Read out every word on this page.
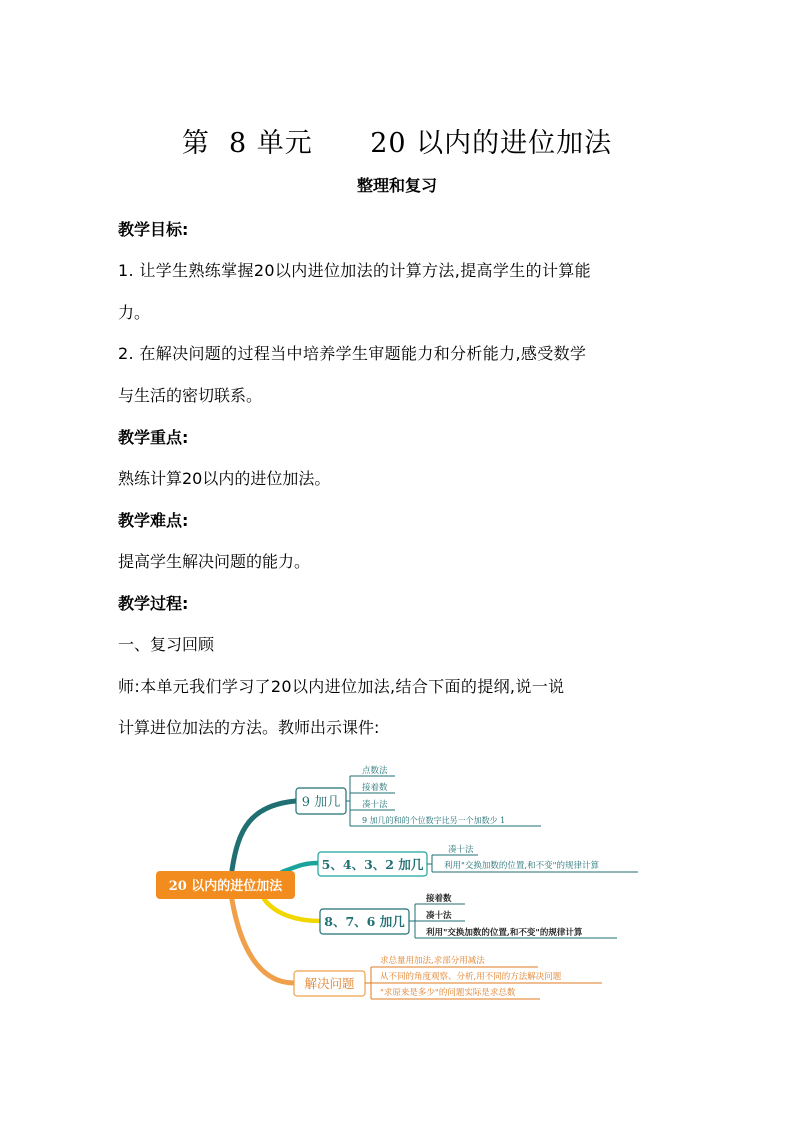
第  8 单元      20 以内的进位加法
整理和复习
教学目标:
1. 让学生熟练掌握20以内进位加法的计算方法,提高学生的计算能
力。
2. 在解决问题的过程当中培养学生审题能力和分析能力,感受数学
与生活的密切联系。
教学重点:
熟练计算20以内的进位加法。
教学难点:
提高学生解决问题的能力。
教学过程:
一、复习回顾
师:本单元我们学习了20以内进位加法,结合下面的提纲,说一说
计算进位加法的方法。教师出示课件:
20 以内的进位加法
9 加几
点数法
接着数
凑十法
9 加几的和的个位数字比另一个加数少 1
5、4、3、2 加几
凑十法
利用"交换加数的位置,和不变"的规律计算
8、7、6 加几
接着数
凑十法
利用"交换加数的位置,和不变"的规律计算
解决问题
求总量用加法,求部分用减法
从不同的角度观察、分析,用不同的方法解决问题
"求原来是多少"的问题实际是求总数
